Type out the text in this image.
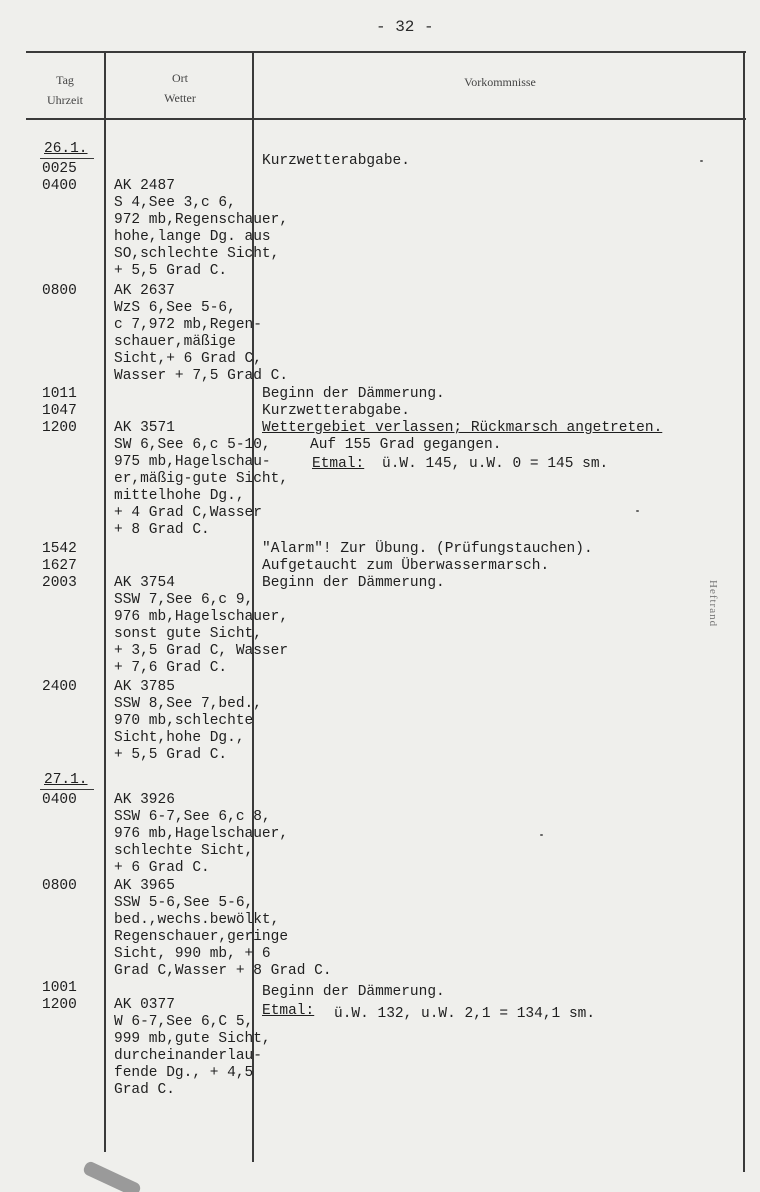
- 32 -
Tag
Uhrzeit
Ort
Wetter
Vorkommnisse
26.1.
27.1.
0025
0400
0800
1011
1047
1200
1542
1627
2003
2400
0400
0800
1001
1200
AK 2487
S 4,See 3,c 6,
972 mb,Regenschauer,
hohe,lange Dg. aus
SO,schlechte Sicht,
+ 5,5 Grad C.
AK 2637
WzS 6,See 5-6,
c 7,972 mb,Regen-
schauer,mäßige
Sicht,+ 6 Grad C,
Wasser + 7,5 Grad C.
AK 3571
SW 6,See 6,c 5-10,
975 mb,Hagelschau-
er,mäßig-gute Sicht,
mittelhohe Dg.,
+ 4 Grad C,Wasser
+ 8 Grad C.
AK 3754
SSW 7,See 6,c 9,
976 mb,Hagelschauer,
sonst gute Sicht,
+ 3,5 Grad C, Wasser
+ 7,6 Grad C.
AK 3785
SSW 8,See 7,bed.,
970 mb,schlechte
Sicht,hohe Dg.,
+ 5,5 Grad C.
AK 3926
SSW 6-7,See 6,c 8,
976 mb,Hagelschauer,
schlechte Sicht,
+ 6 Grad C.
AK 3965
SSW 5-6,See 5-6,
bed.,wechs.bewölkt,
Regenschauer,geringe
Sicht, 990 mb, + 6
Grad C,Wasser + 8 Grad C.
AK 0377
W 6-7,See 6,C 5,
999 mb,gute Sicht,
durcheinanderlau-
fende Dg., + 4,5
Grad C.
Kurzwetterabgabe.
Beginn der Dämmerung.
Kurzwetterabgabe.
Wettergebiet verlassen; Rückmarsch angetreten.
Auf 155 Grad gegangen.
Etmal: ü.W. 145, u.W. 0 = 145 sm.
"Alarm"! Zur Übung. (Prüfungstauchen).
Aufgetaucht zum Überwassermarsch.
Beginn der Dämmerung.
Beginn der Dämmerung.
Etmal: ü.W. 132, u.W. 2,1 = 134,1 sm.
Heftrand
